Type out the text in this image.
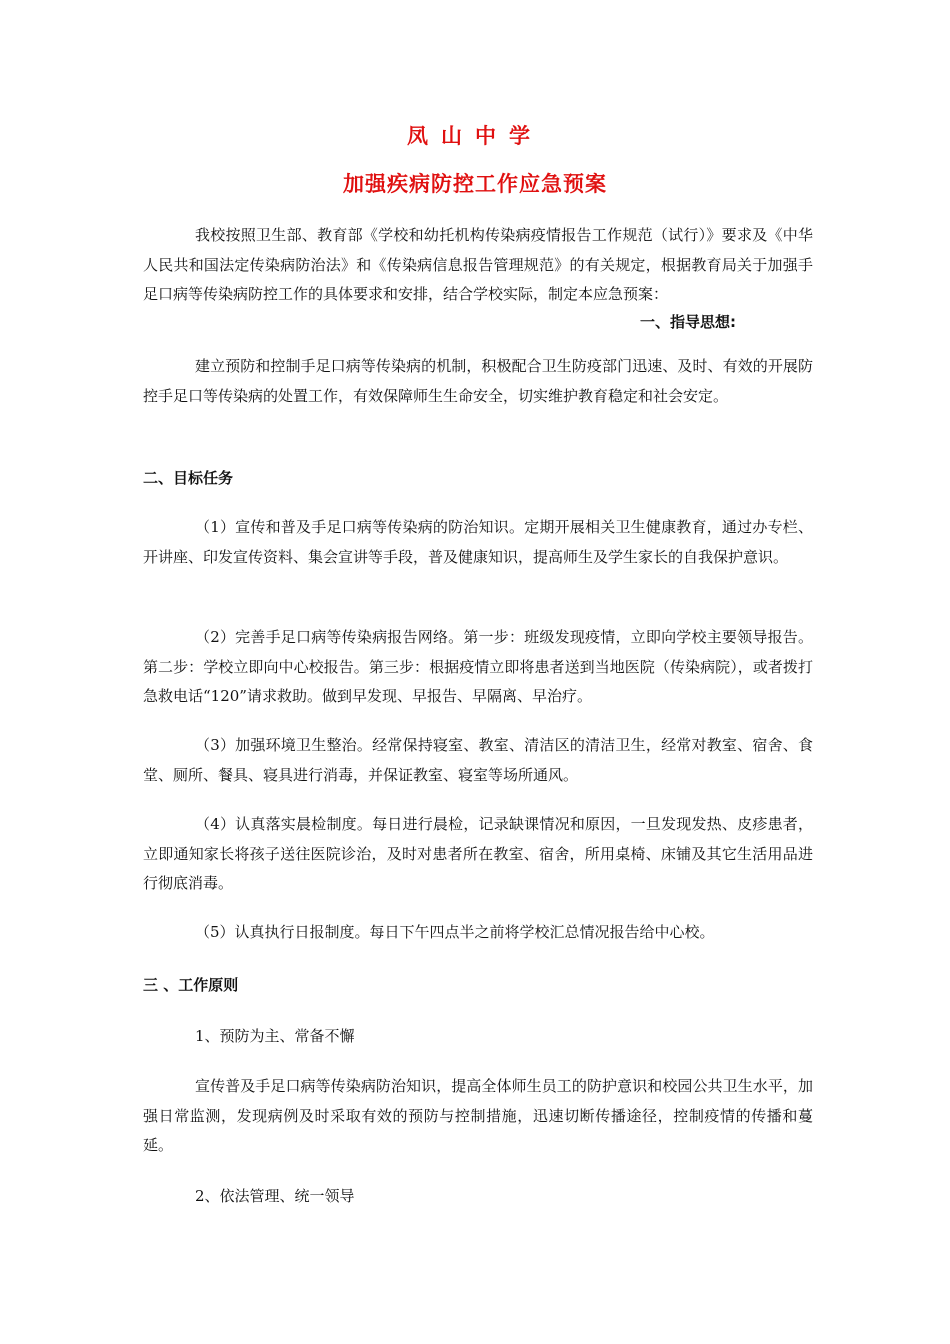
凤山中学
加强疾病防控工作应急预案

我校按照卫生部、教育部《学校和幼托机构传染病疫情报告工作规范（试行）》要求及《中华人民共和国法定传染病防治法》和《传染病信息报告管理规范》的有关规定，根据教育局关于加强手足口病等传染病防控工作的具体要求和安排，结合学校实际，制定本应急预案：

一、指导思想:

建立预防和控制手足口病等传染病的机制，积极配合卫生防疫部门迅速、及时、有效的开展防控手足口等传染病的处置工作，有效保障师生生命安全，切实维护教育稳定和社会安定。

二、目标任务

（1）宣传和普及手足口病等传染病的防治知识。定期开展相关卫生健康教育，通过办专栏、开讲座、印发宣传资料、集会宣讲等手段，普及健康知识，提高师生及学生家长的自我保护意识。

（2）完善手足口病等传染病报告网络。第一步：班级发现疫情，立即向学校主要领导报告。第二步：学校立即向中心校报告。第三步：根据疫情立即将患者送到当地医院（传染病院），或者拨打急救电话“120”请求救助。做到早发现、早报告、早隔离、早治疗。

（3）加强环境卫生整治。经常保持寝室、教室、清洁区的清洁卫生，经常对教室、宿舍、食堂、厕所、餐具、寝具进行消毒，并保证教室、寝室等场所通风。

（4）认真落实晨检制度。每日进行晨检，记录缺课情况和原因，一旦发现发热、皮疹患者，立即通知家长将孩子送往医院诊治，及时对患者所在教室、宿舍，所用桌椅、床铺及其它生活用品进行彻底消毒。

（5）认真执行日报制度。每日下午四点半之前将学校汇总情况报告给中心校。

三 、工作原则
1、预防为主、常备不懈

宣传普及手足口病等传染病防治知识，提高全体师生员工的防护意识和校园公共卫生水平，加强日常监测，发现病例及时采取有效的预防与控制措施，迅速切断传播途径，控制疫情的传播和蔓延。

2、依法管理、统一领导
